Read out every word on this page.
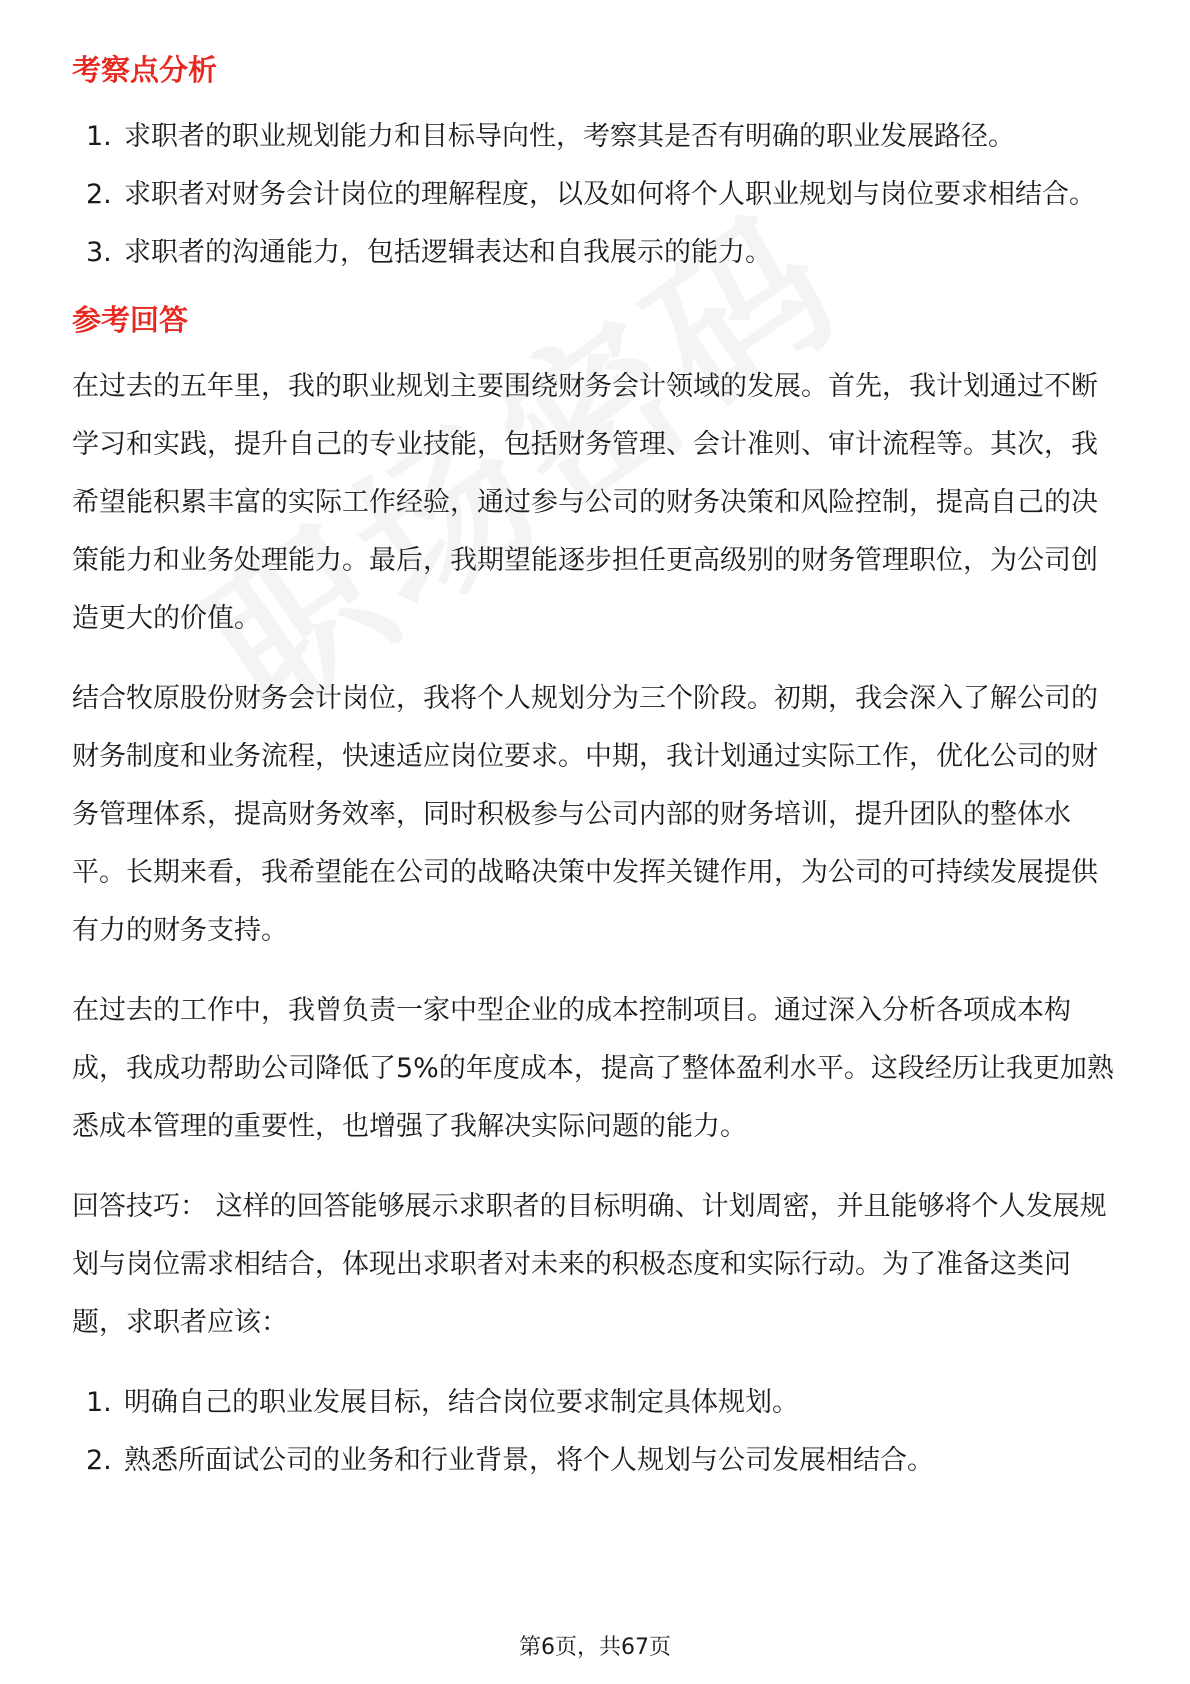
考察点分析
1. 求职者的职业规划能力和目标导向性，考察其是否有明确的职业发展路径。
2. 求职者对财务会计岗位的理解程度，以及如何将个人职业规划与岗位要求相结合。
3. 求职者的沟通能力，包括逻辑表达和自我展示的能力。
参考回答

在过去的五年里，我的职业规划主要围绕财务会计领域的发展。首先，我计划通过不断学习和实践，提升自己的专业技能，包括财务管理、会计准则、审计流程等。其次，我希望能积累丰富的实际工作经验，通过参与公司的财务决策和风险控制，提高自己的决策能力和业务处理能力。最后，我期望能逐步担任更高级别的财务管理职位，为公司创造更大的价值。

结合牧原股份财务会计岗位，我将个人规划分为三个阶段。初期，我会深入了解公司的财务制度和业务流程，快速适应岗位要求。中期，我计划通过实际工作，优化公司的财务管理体系，提高财务效率，同时积极参与公司内部的财务培训，提升团队的整体水平。长期来看，我希望能在公司的战略决策中发挥关键作用，为公司的可持续发展提供有力的财务支持。

在过去的工作中，我曾负责一家中型企业的成本控制项目。通过深入分析各项成本构成，我成功帮助公司降低了5%的年度成本，提高了整体盈利水平。这段经历让我更加熟悉成本管理的重要性，也增强了我解决实际问题的能力。

回答技巧： 这样的回答能够展示求职者的目标明确、计划周密，并且能够将个人发展规划与岗位需求相结合，体现出求职者对未来的积极态度和实际行动。为了准备这类问题，求职者应该：

1. 明确自己的职业发展目标，结合岗位要求制定具体规划。
2. 熟悉所面试公司的业务和行业背景，将个人规划与公司发展相结合。
第6页，共67页
